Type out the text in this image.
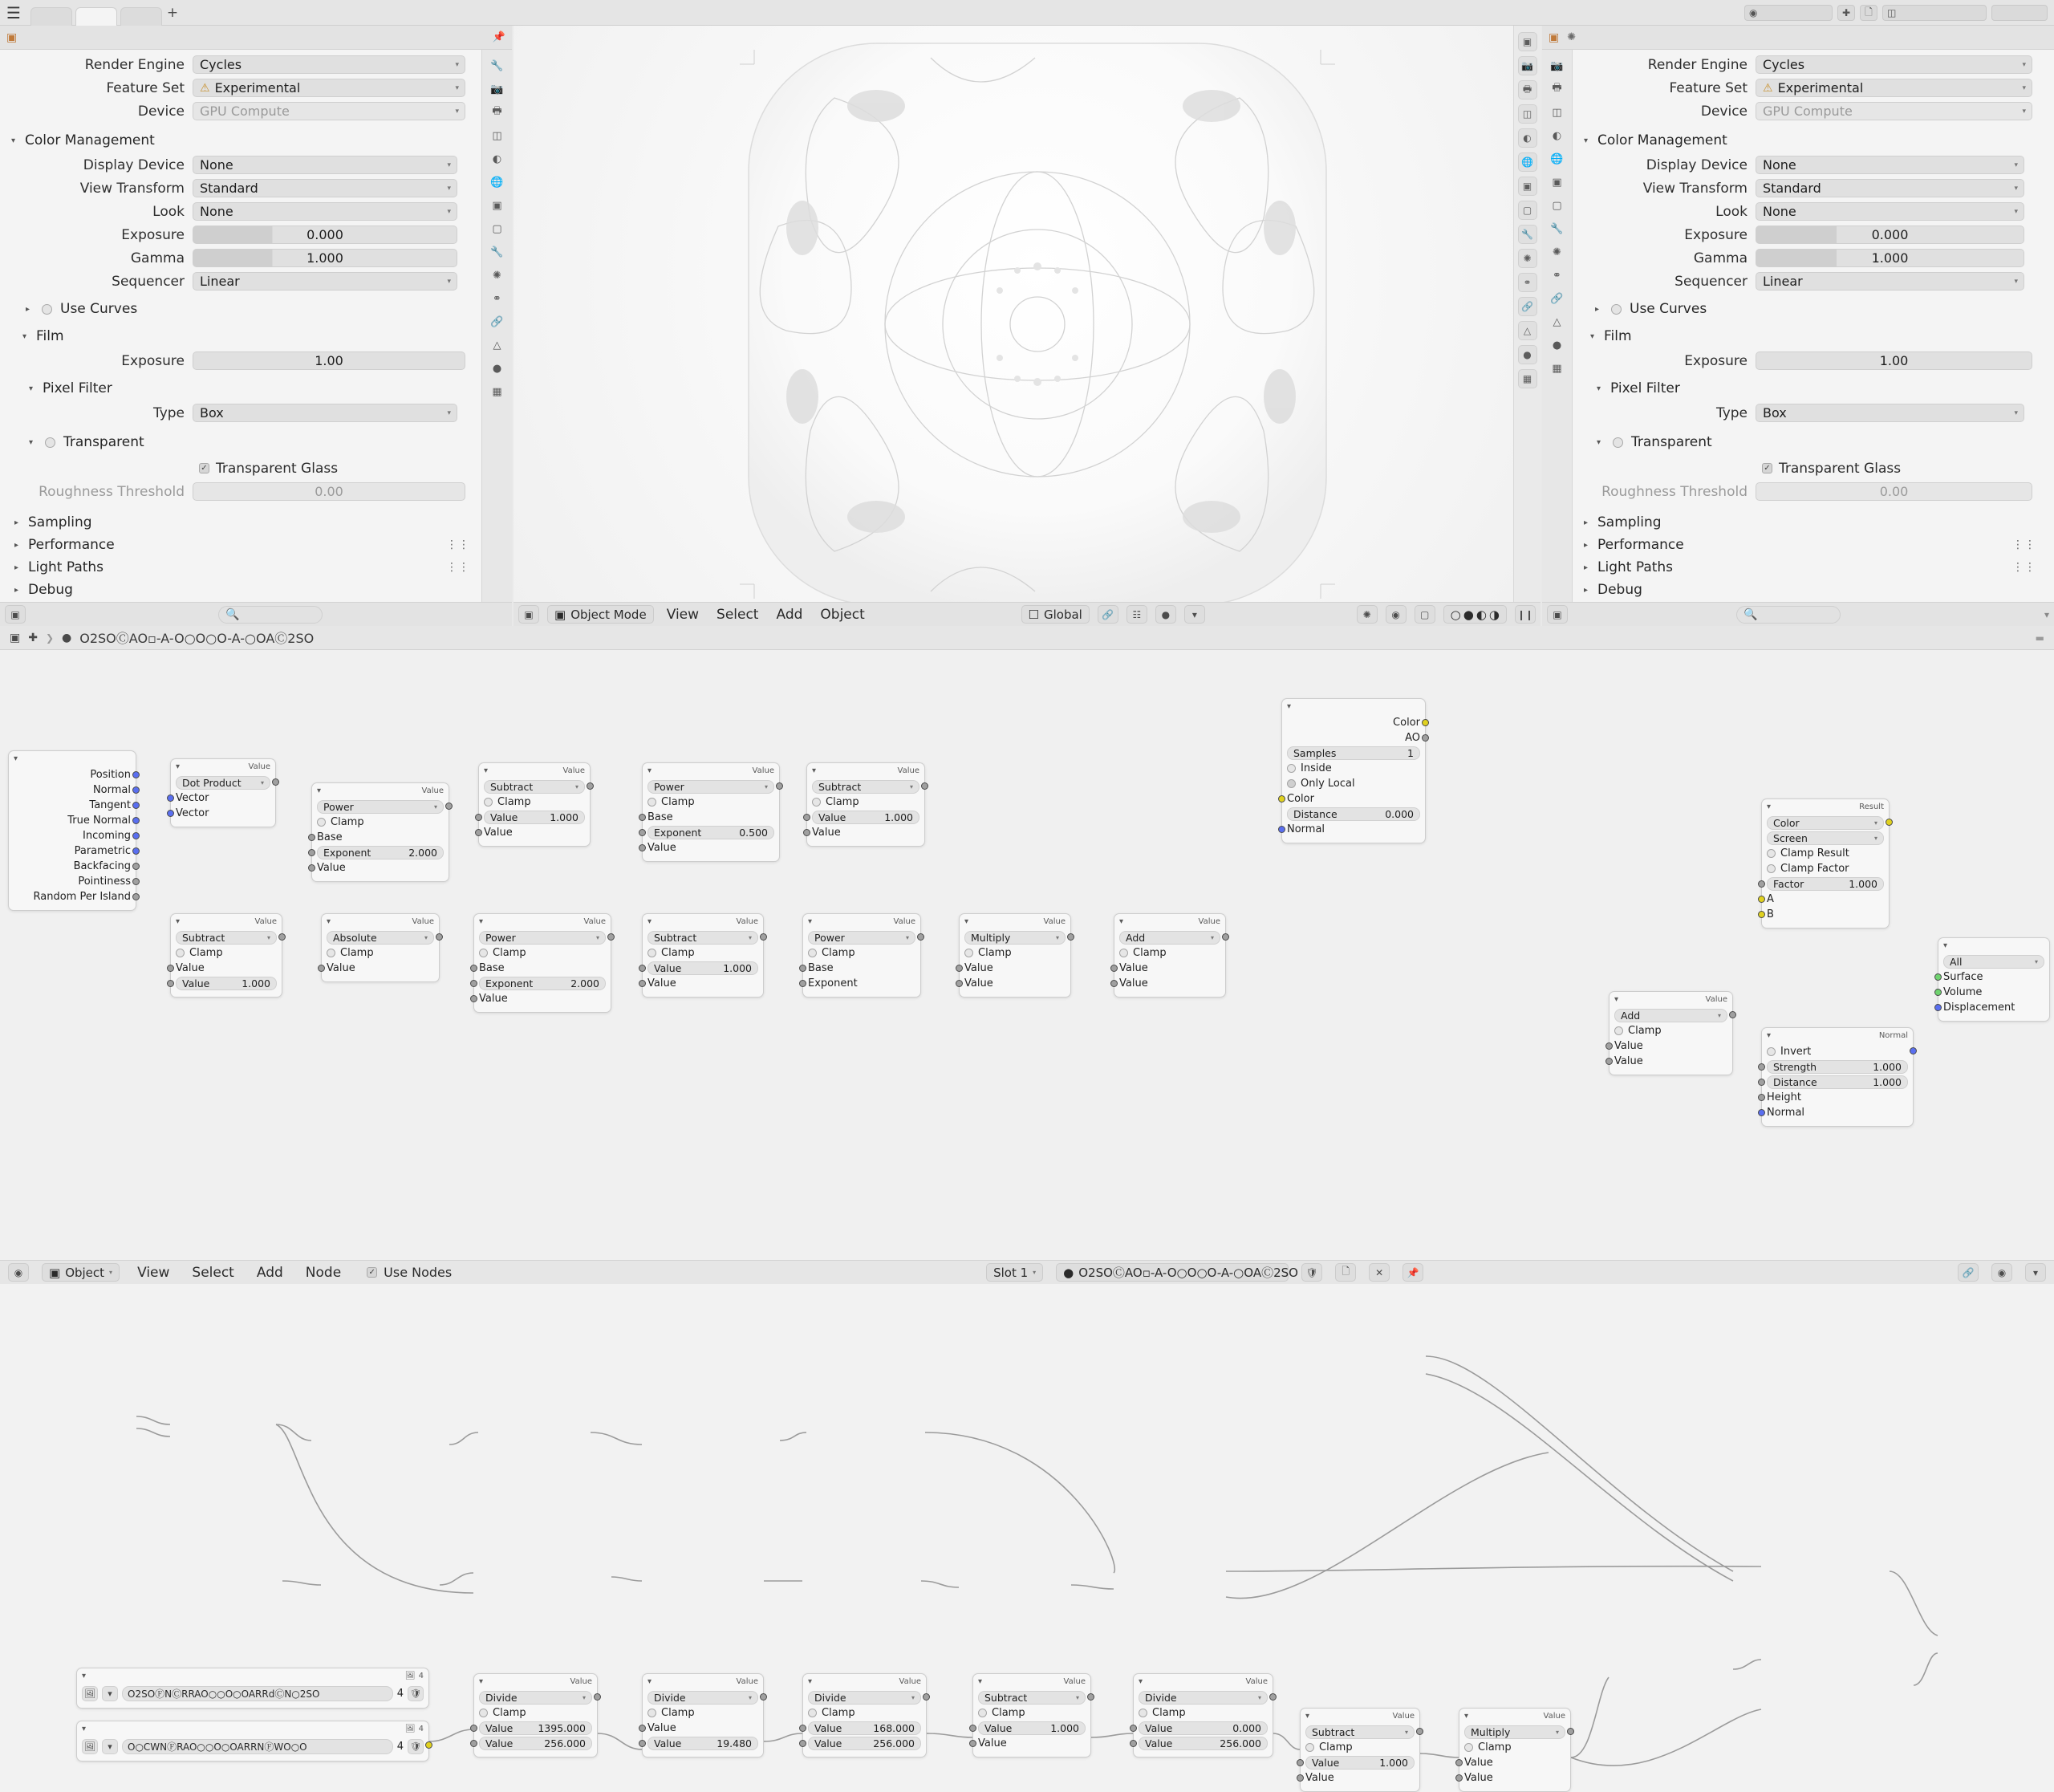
☰	+	◉	✚	🗋	◫
▣	📌
🔧
📷
🖶
◫
◐
🌐
▣
▢
🔧
✺
⚭
🔗
△
●
▦
Render Engine	Cycles	▾
Feature Set	⚠ Experimental	▾
Device	GPU Compute	▾
▾ Color Management
Display Device	None	▾
View Transform	Standard	▾
Look	None	▾
Exposure	0.000
Gamma	1.000
Sequencer	Linear	▾
▸ Use Curves
▾ Film
Exposure	1.00
▾ Pixel Filter
Type	Box	▾
▾ Transparent
✓ Transparent Glass
Roughness Threshold	0.00
▸ Sampling
▸ Performance	⋮⋮
▸ Light Paths	⋮⋮
▸ Debug
▣	🔍
▣
📷
🖶
◫
◐
🌐
▣
▢
🔧
✺
⚭
🔗
△
●
▦
▣	▣ Object Mode	View	Select	Add	Object	☐ Global	🔗	☷	●	▾	✺	◉	▢	○ ● ◐ ◑ ❙❙
▣ ✺
📷
🖶
◫
◐
🌐
▣
▢
🔧
✺
⚭
🔗
△
●
▦
Render Engine	Cycles	▾
Feature Set	⚠ Experimental	▾
Device	GPU Compute	▾
▾ Color Management
Display Device	None	▾
View Transform	Standard	▾
Look	None	▾
Exposure	0.000
Gamma	1.000
Sequencer	Linear	▾
▸ Use Curves
▾ Film
Exposure	1.00
▾ Pixel Filter
Type	Box	▾
▾ Transparent
✓ Transparent Glass
Roughness Threshold	0.00
▸ Sampling
▸ Performance	⋮⋮
▸ Light Paths	⋮⋮
▸ Debug
▣	🔍	▾
▣ ✚ ❯ ● O2SOⒸAO▫-A-O○O○O-A-○OAⒸ2SO	▬
▾
Position
Normal
Tangent
True Normal
Incoming
Parametric
Backfacing
Pointiness
Random Per Island
▾	Value
Dot Product	▾
Vector
Vector
▾	Value
Power	▾
Clamp
Base
Exponent	2.000
Value
▾	Value
Subtract	▾
Clamp
Value	1.000
Value
▾	Value
Power	▾
Clamp
Base
Exponent	0.500
Value
▾	Value
Subtract	▾
Clamp
Value	1.000
Value
▾
Color
AO
Samples	1
Inside
Only Local
Color
Distance	0.000
Normal
▾	Value
Subtract	▾
Clamp
Value
Value	1.000
▾	Value
Absolute	▾
Clamp
Value
▾	Value
Power	▾
Clamp
Base
Exponent	2.000
Value
▾	Value
Subtract	▾
Clamp
Value	1.000
Value
▾	Value
Power	▾
Clamp
Base
Exponent
▾	Value
Multiply	▾
Clamp
Value
Value
▾	Value
Add	▾
Clamp
Value
Value
▾	Result
Color	▾
Screen	▾
Clamp Result
Clamp Factor
Factor	1.000
A
B
▾
All	▾
Surface
Volume
Displacement
▾	Value
Add	▾
Clamp
Value
Value
▾	Normal
Invert
Strength	1.000
Distance	1.000
Height
Normal
▾	🖼 4
🖼	▾	O2SOⒻNⒸRRAO○○O○OARRdⒸN○2SO	4 🛡
▾	🖼 4
🖼	▾	O○CWNⒻRAO○○O○OARRNⒻWO○O	4 🛡
▾	Value
Divide	▾
Clamp
Value 1395.000
Value	256.000
▾	Value
Divide	▾
Clamp
Value
Value	19.480
▾	Value
Divide	▾
Clamp
Value	168.000
Value	256.000
▾	Value
Subtract	▾
Clamp
Value	1.000
Value
▾	Value
Divide	▾
Clamp
Value	0.000
Value	256.000
▾	Value
Subtract	▾
Clamp
Value	1.000
Value
▾	Value
Multiply	▾
Clamp
Value
Value
◉	▣ Object ▾	View	Select	Add	Node	✓ Use Nodes	Slot 1 ▾ ● O2SOⒸAO▫-A-O○O○O-A-○OAⒸ2SO 🛡	🗋	✕	📌	🔗	◉	▾
